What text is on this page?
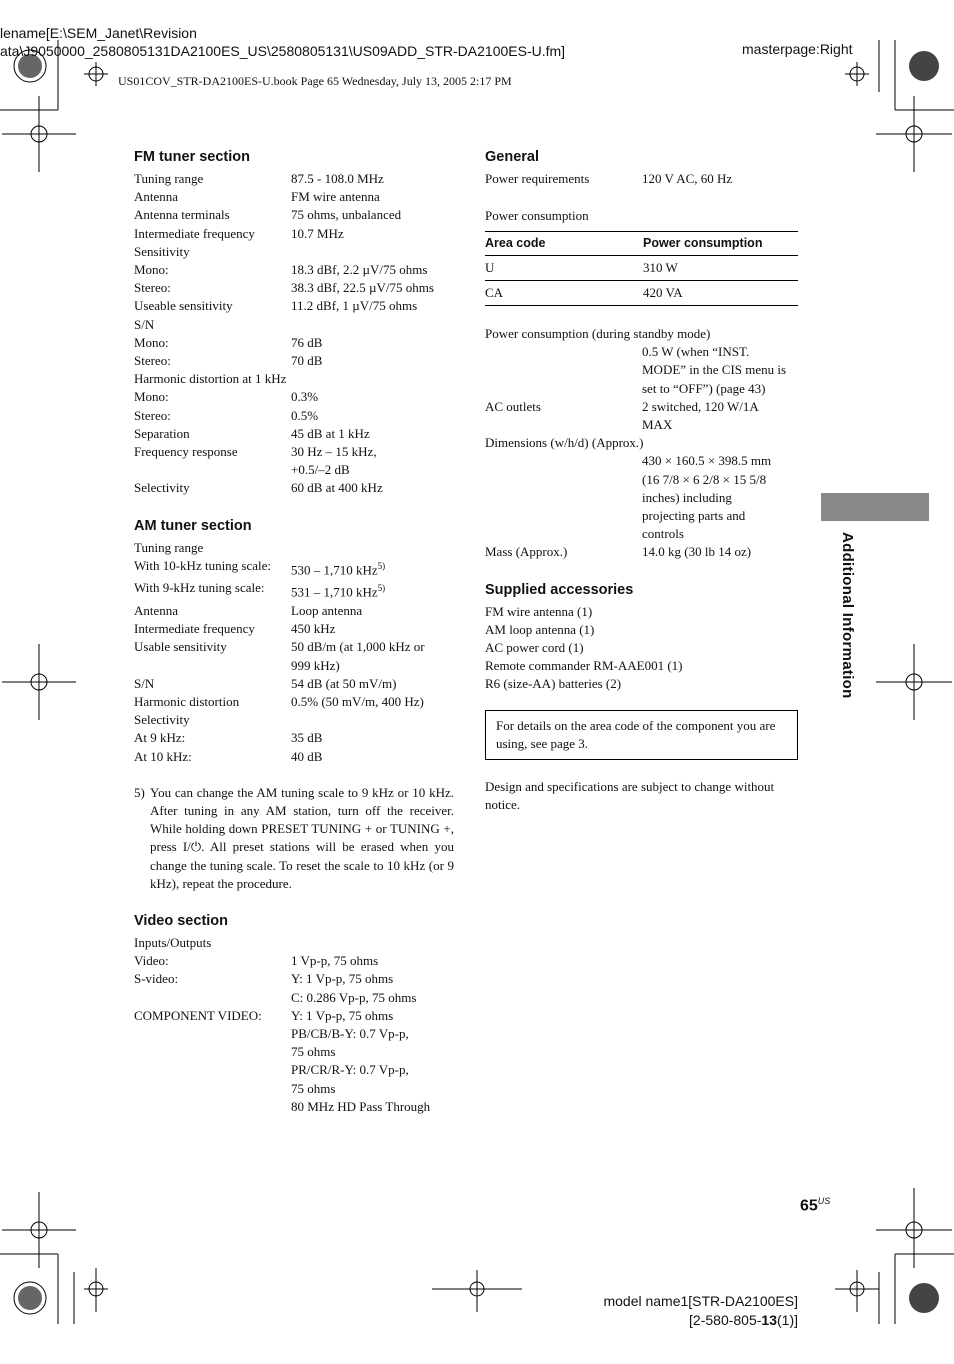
lename[E:\SEM_Janet\Revision
ata\J9050000_2580805131DA2100ES_US\2580805131\US09ADD_STR-DA2100ES-U.fm]	masterpage:Right
US01COV_STR-DA2100ES-U.book Page 65 Wednesday, July 13, 2005 2:17 PM
FM tuner section
Tuning range	87.5 - 108.0 MHz
Antenna	FM wire antenna
Antenna terminals	75 ohms, unbalanced
Intermediate frequency	10.7 MHz
Sensitivity
Mono:	18.3 dBf, 2.2 µV/75 ohms
Stereo:	38.3 dBf, 22.5 µV/75 ohms
Useable sensitivity	11.2 dBf, 1 µV/75 ohms
S/N
Mono:	76 dB
Stereo:	70 dB
Harmonic distortion at 1 kHz
Mono:	0.3%
Stereo:	0.5%
Separation	45 dB at 1 kHz
Frequency response	30 Hz – 15 kHz,
+0.5/–2 dB
Selectivity	60 dB at 400 kHz
AM tuner section
Tuning range
With 10-kHz tuning scale:	530 – 1,710 kHz$^{5)}$
With 9-kHz tuning scale:	531 – 1,710 kHz$^{5)}$
Antenna	Loop antenna
Intermediate frequency	450 kHz
Usable sensitivity	50 dB/m (at 1,000 kHz or
999 kHz)
S/N	54 dB (at 50 mV/m)
Harmonic distortion	0.5% (50 mV/m, 400 Hz)
Selectivity
At 9 kHz:	35 dB
At 10 kHz:	40 dB
5) You can change the AM tuning scale to 9 kHz or 10 kHz. After tuning in any AM station, turn off the receiver. While holding down PRESET TUNING + or TUNING +, press I/⏻. All preset stations will be erased when you change the tuning scale. To reset the scale to 10 kHz (or 9 kHz), repeat the procedure.
Video section
Inputs/Outputs
Video:	1 Vp-p, 75 ohms
S-video:	Y: 1 Vp-p, 75 ohms
C: 0.286 Vp-p, 75 ohms
COMPONENT VIDEO:	Y: 1 Vp-p, 75 ohms
PB/CB/B-Y: 0.7 Vp-p,
75 ohms
PR/CR/R-Y: 0.7 Vp-p,
75 ohms
80 MHz HD Pass Through
General
Power requirements	120 V AC, 60 Hz
Power consumption
Area code	Power consumption
U	310 W
CA	420 VA
Power consumption (during standby mode)
0.5 W (when “INST.
MODE” in the CIS menu is
set to “OFF”) (page 43)
AC outlets	2 switched, 120 W/1A
MAX
Dimensions (w/h/d) (Approx.)
430 × 160.5 × 398.5 mm
(16 7/8 × 6 2/8 × 15 5/8
inches) including
projecting parts and
controls
Mass (Approx.)	14.0 kg (30 lb 14 oz)
Supplied accessories
FM wire antenna (1)
AM loop antenna (1)
AC power cord (1)
Remote commander RM-AAE001 (1)
R6 (size-AA) batteries (2)
For details on the area code of the component you are using, see page 3.
Design and specifications are subject to change without notice.
Additional Information
$65^{US}$
model name1[STR-DA2100ES]
[2-580-805-13(1)]
